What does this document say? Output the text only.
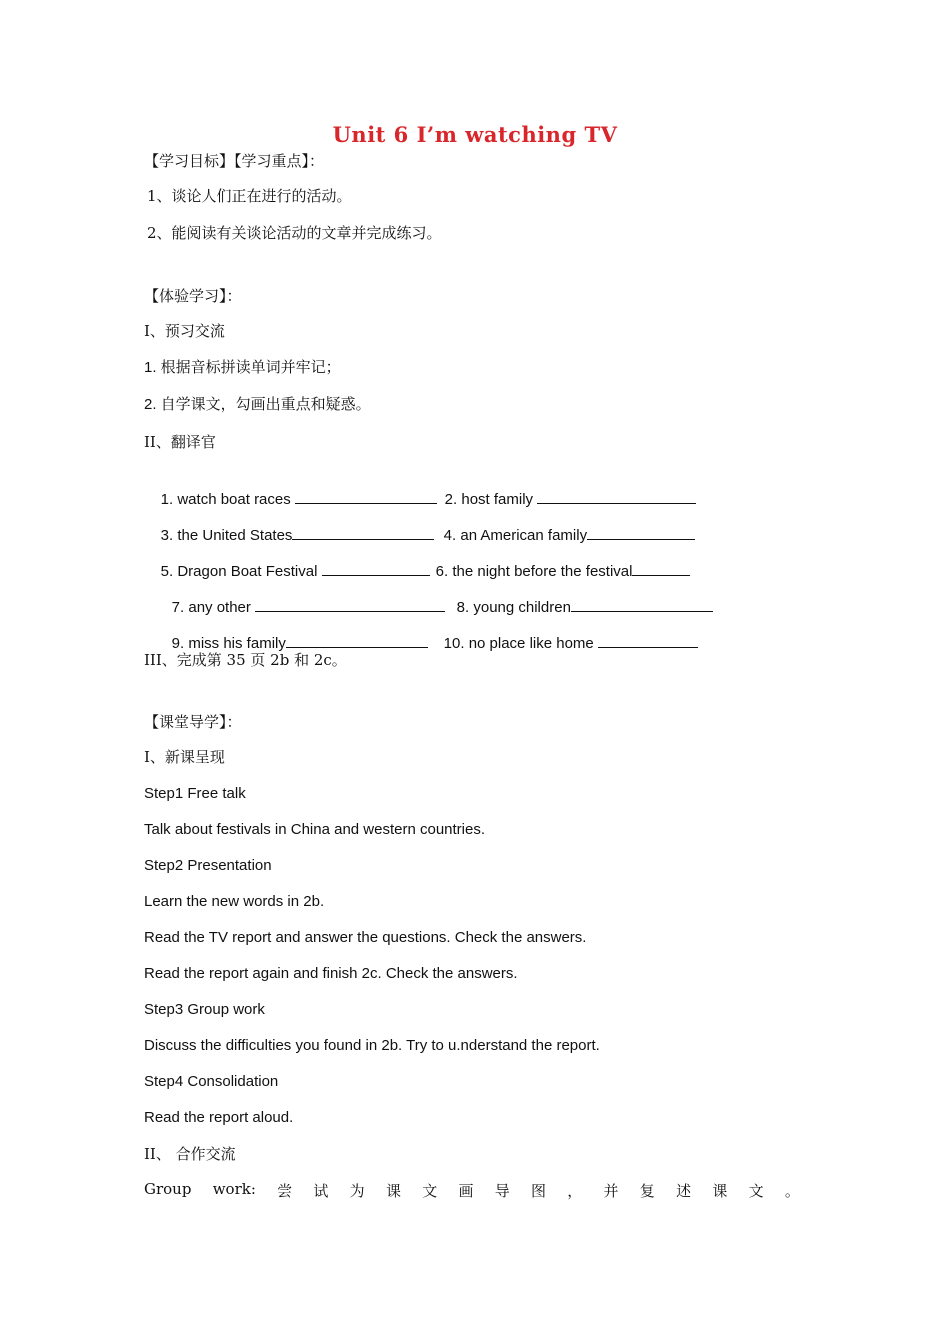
Unit 6 I’m watching TV
【学习目标】【学习重点】：
1、谈论人们正在进行的活动。
2、能阅读有关谈论活动的文章并完成练习。
【体验学习】：
I、预习交流
1. 根据音标拼读单词并牢记；
2. 自学课文，勾画出重点和疑惑。
II、翻译官

1. watch boat races
	2. host family

3. the United States
	4. an American family

5. Dragon Boat Festival
	6. the night before the festival

7. any other
	8. young children

9. miss his family
	10. no place like home

III、完成第 35 页 2b 和 2c。
【课堂导学】：
I、新课呈现
Step1 Free talk
Talk about festivals in China and western countries.
Step2 Presentation
Learn the new words in 2b.
Read the TV report and answer the questions. Check the answers.
Read the report again and finish 2c. Check the answers.
Step3 Group work
Discuss the difficulties you found in 2b. Try to u.nderstand the report.
Step4 Consolidation
Read the report aloud.
II、 合作交流
Group work: 尝 试 为 课 文 画 导 图 ， 并 复 述 课 文 。
